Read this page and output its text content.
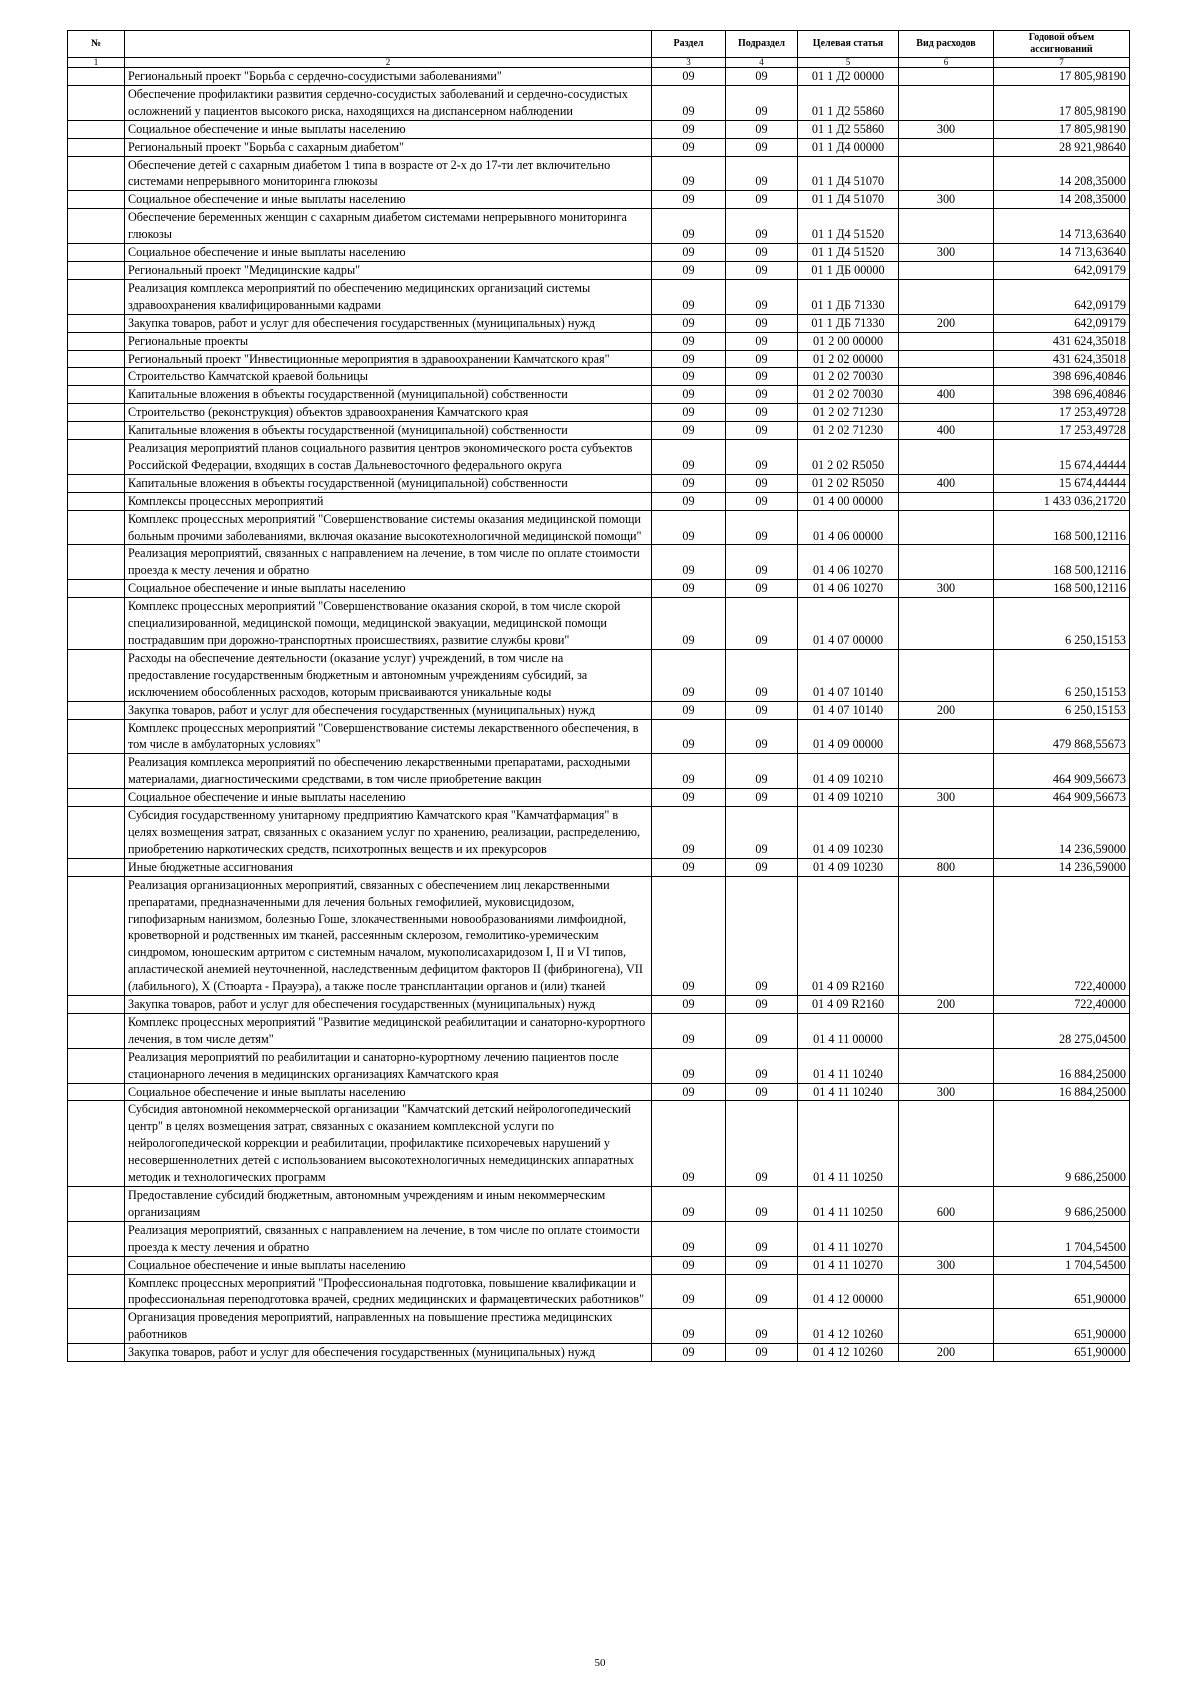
№		Раздел	Подраздел	Целевая статья	Вид расходов	Годовой объем ассигнований
1	2	3	4	5	6	7
	Региональный проект "Борьба с сердечно-сосудистыми заболеваниями"	09	09	01 1 Д2 00000		17 805,98190
	Обеспечение профилактики развития сердечно-сосудистых заболеваний и сердечно-сосудистых осложнений у пациентов высокого риска, находящихся на диспансерном наблюдении	09	09	01 1 Д2 55860		17 805,98190
	Социальное обеспечение и иные выплаты населению	09	09	01 1 Д2 55860	300	17 805,98190
	Региональный проект "Борьба с сахарным диабетом"	09	09	01 1 Д4 00000		28 921,98640
	Обеспечение детей с сахарным диабетом 1 типа в возрасте от 2-х до 17-ти лет включительно системами непрерывного мониторинга глюкозы	09	09	01 1 Д4 51070		14 208,35000
	Социальное обеспечение и иные выплаты населению	09	09	01 1 Д4 51070	300	14 208,35000
	Обеспечение беременных женщин с сахарным диабетом системами непрерывного мониторинга глюкозы	09	09	01 1 Д4 51520		14 713,63640
	Социальное обеспечение и иные выплаты населению	09	09	01 1 Д4 51520	300	14 713,63640
	Региональный проект "Медицинские кадры"	09	09	01 1 ДБ 00000		642,09179
	Реализация комплекса мероприятий по обеспечению медицинских организаций системы здравоохранения квалифицированными кадрами	09	09	01 1 ДБ 71330		642,09179
	Закупка товаров, работ и услуг для обеспечения государственных (муниципальных) нужд	09	09	01 1 ДБ 71330	200	642,09179
	Региональные проекты	09	09	01 2 00 00000		431 624,35018
	Региональный проект "Инвестиционные мероприятия в здравоохранении Камчатского края"	09	09	01 2 02 00000		431 624,35018
	Строительство Камчатской краевой больницы	09	09	01 2 02 70030		398 696,40846
	Капитальные вложения в объекты государственной (муниципальной) собственности	09	09	01 2 02 70030	400	398 696,40846
	Строительство (реконструкция) объектов здравоохранения Камчатского края	09	09	01 2 02 71230		17 253,49728
	Капитальные вложения в объекты государственной (муниципальной) собственности	09	09	01 2 02 71230	400	17 253,49728
	Реализация мероприятий планов социального развития центров экономического роста субъектов Российской Федерации, входящих в состав Дальневосточного федерального округа	09	09	01 2 02 R5050		15 674,44444
	Капитальные вложения в объекты государственной (муниципальной) собственности	09	09	01 2 02 R5050	400	15 674,44444
	Комплексы процессных мероприятий	09	09	01 4 00 00000		1 433 036,21720
	Комплекс процессных мероприятий "Совершенствование системы оказания медицинской помощи больным прочими заболеваниями, включая оказание высокотехнологичной медицинской помощи"	09	09	01 4 06 00000		168 500,12116
	Реализация мероприятий, связанных с направлением на лечение, в том числе по оплате стоимости проезда к месту лечения и обратно	09	09	01 4 06 10270		168 500,12116
	Социальное обеспечение и иные выплаты населению	09	09	01 4 06 10270	300	168 500,12116
	Комплекс процессных мероприятий "Совершенствование оказания скорой, в том числе скорой специализированной, медицинской помощи, медицинской эвакуации, медицинской помощи пострадавшим при дорожно-транспортных происшествиях, развитие службы крови"	09	09	01 4 07 00000		6 250,15153
	Расходы на обеспечение деятельности (оказание услуг) учреждений, в том числе на предоставление государственным бюджетным и автономным учреждениям субсидий, за исключением обособленных расходов, которым присваиваются уникальные коды	09	09	01 4 07 10140		6 250,15153
	Закупка товаров, работ и услуг для обеспечения государственных (муниципальных) нужд	09	09	01 4 07 10140	200	6 250,15153
	Комплекс процессных мероприятий "Совершенствование системы лекарственного обеспечения, в том числе в амбулаторных условиях"	09	09	01 4 09 00000		479 868,55673
	Реализация комплекса мероприятий по обеспечению лекарственными препаратами, расходными материалами, диагностическими средствами, в том числе приобретение вакцин	09	09	01 4 09 10210		464 909,56673
	Социальное обеспечение и иные выплаты населению	09	09	01 4 09 10210	300	464 909,56673
	Субсидия государственному унитарному предприятию Камчатского края "Камчатфармация" в целях возмещения затрат, связанных с оказанием услуг по хранению, реализации, распределению, приобретению наркотических средств, психотропных веществ и их прекурсоров	09	09	01 4 09 10230		14 236,59000
	Иные бюджетные ассигнования	09	09	01 4 09 10230	800	14 236,59000
	Реализация организационных мероприятий, связанных с обеспечением лиц лекарственными препаратами, предназначенными для лечения больных гемофилией, муковисцидозом, гипофизарным нанизмом, болезнью Гоше, злокачественными новообразованиями лимфоидной, кроветворной и родственных им тканей, рассеянным склерозом, гемолитико-уремическим синдромом, юношеским артритом с системным началом, мукополисахаридозом I, II и VI типов, апластической анемией неуточненной, наследственным дефицитом факторов II (фибриногена), VII (лабильного), X (Стюарта - Прауэра), а также после трансплантации органов и (или) тканей	09	09	01 4 09 R2160		722,40000
	Закупка товаров, работ и услуг для обеспечения государственных (муниципальных) нужд	09	09	01 4 09 R2160	200	722,40000
	Комплекс процессных мероприятий "Развитие медицинской реабилитации и санаторно-курортного лечения, в том числе детям"	09	09	01 4 11 00000		28 275,04500
	Реализация мероприятий по реабилитации и санаторно-курортному лечению пациентов после стационарного лечения в медицинских организациях Камчатского края	09	09	01 4 11 10240		16 884,25000
	Социальное обеспечение и иные выплаты населению	09	09	01 4 11 10240	300	16 884,25000
	Субсидия автономной некоммерческой организации "Камчатский детский нейрологопедический центр" в целях возмещения затрат, связанных с оказанием комплексной услуги по нейрологопедической коррекции и реабилитации, профилактике психоречевых нарушений у несовершеннолетних детей с использованием высокотехнологичных немедицинских аппаратных методик и технологических программ	09	09	01 4 11 10250		9 686,25000
	Предоставление субсидий бюджетным, автономным учреждениям и иным некоммерческим организациям	09	09	01 4 11 10250	600	9 686,25000
	Реализация мероприятий, связанных с направлением на лечение, в том числе по оплате стоимости проезда к месту лечения и обратно	09	09	01 4 11 10270		1 704,54500
	Социальное обеспечение и иные выплаты населению	09	09	01 4 11 10270	300	1 704,54500
	Комплекс процессных мероприятий "Профессиональная подготовка, повышение квалификации и профессиональная переподготовка врачей, средних медицинских и фармацевтических работников"	09	09	01 4 12 00000		651,90000
	Организация проведения мероприятий, направленных на повышение престижа медицинских работников	09	09	01 4 12 10260		651,90000
	Закупка товаров, работ и услуг для обеспечения государственных (муниципальных) нужд	09	09	01 4 12 10260	200	651,90000
50
